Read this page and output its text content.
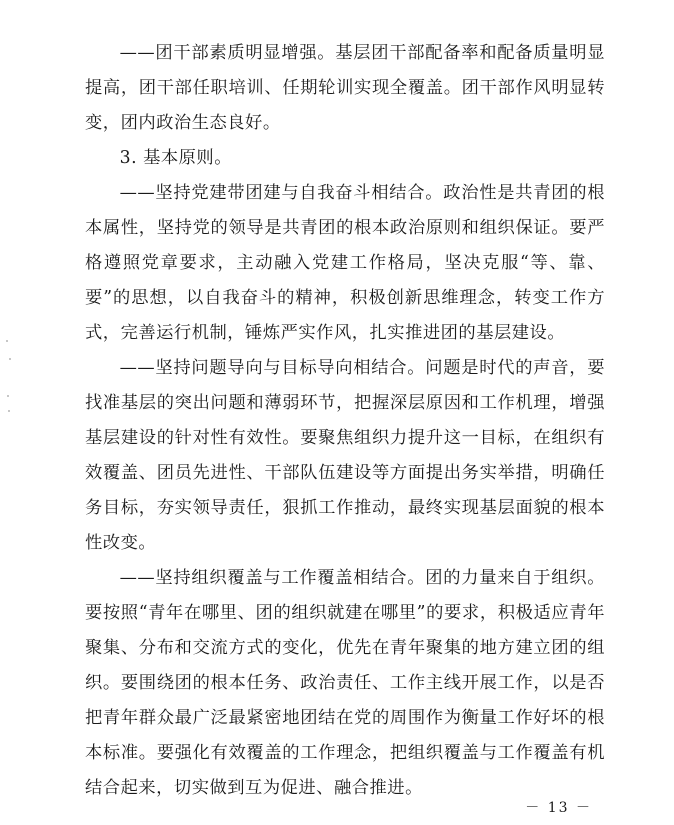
——团干部素质明显增强。基层团干部配备率和配备质量明显提高，团干部任职培训、任期轮训实现全覆盖。团干部作风明显转变，团内政治生态良好。

3. 基本原则。

——坚持党建带团建与自我奋斗相结合。政治性是共青团的根本属性，坚持党的领导是共青团的根本政治原则和组织保证。要严格遵照党章要求，主动融入党建工作格局，坚决克服“等、靠、要”的思想，以自我奋斗的精神，积极创新思维理念，转变工作方式，完善运行机制，锤炼严实作风，扎实推进团的基层建设。

——坚持问题导向与目标导向相结合。问题是时代的声音，要找准基层的突出问题和薄弱环节，把握深层原因和工作机理，增强基层建设的针对性有效性。要聚焦组织力提升这一目标，在组织有效覆盖、团员先进性、干部队伍建设等方面提出务实举措，明确任务目标，夯实领导责任，狠抓工作推动，最终实现基层面貌的根本性改变。

——坚持组织覆盖与工作覆盖相结合。团的力量来自于组织。要按照“青年在哪里、团的组织就建在哪里”的要求，积极适应青年聚集、分布和交流方式的变化，优先在青年聚集的地方建立团的组织。要围绕团的根本任务、政治责任、工作主线开展工作，以是否把青年群众最广泛最紧密地团结在党的周围作为衡量工作好坏的根本标准。要强化有效覆盖的工作理念，把组织覆盖与工作覆盖有机结合起来，切实做到互为促进、融合推进。

－ 13 －
